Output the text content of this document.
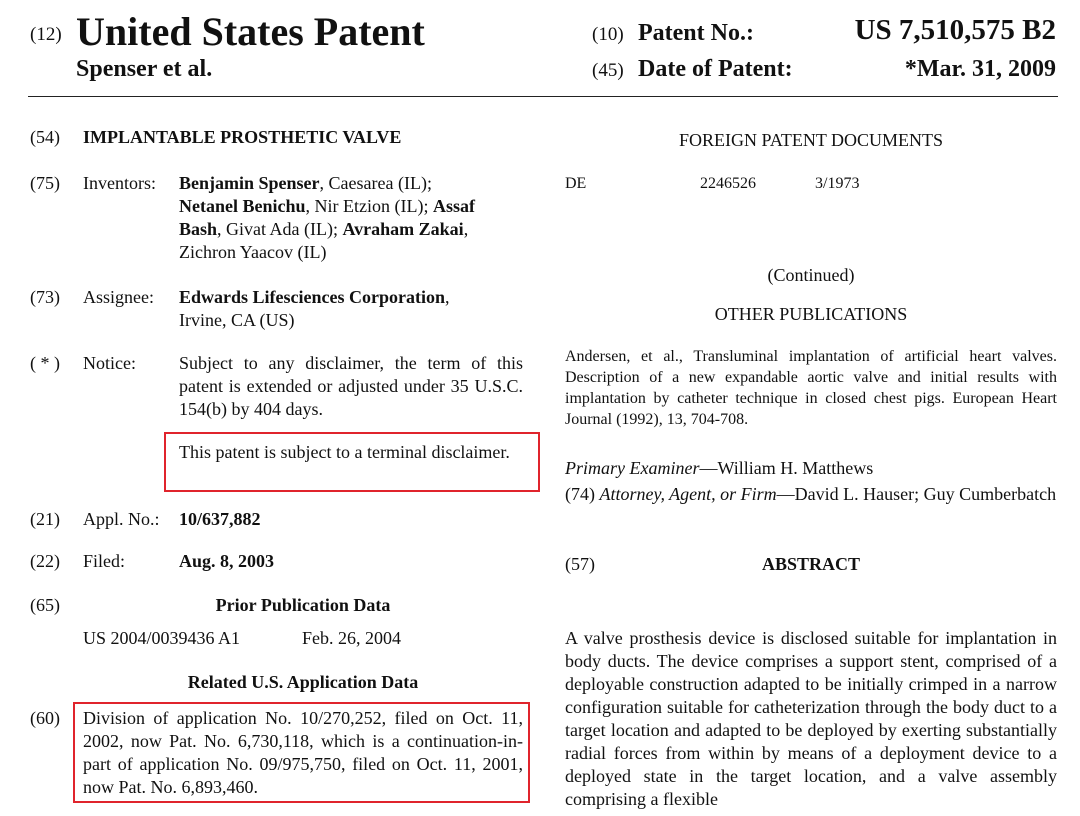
(12) United States Patent
Spenser et al.
(10) Patent No.:	US 7,510,575 B2
(45) Date of Patent:	*Mar. 31, 2009
(54) IMPLANTABLE PROSTHETIC VALVE
(75) Inventors: Benjamin Spenser, Caesarea (IL);
Netanel Benichu, Nir Etzion (IL); Assaf
Bash, Givat Ada (IL); Avraham Zakai,
Zichron Yaacov (IL)
(73) Assignee: Edwards Lifesciences Corporation,
Irvine, CA (US)
( * ) Notice: Subject to any disclaimer, the term of this patent is extended or adjusted under 35 U.S.C. 154(b) by 404 days.
This patent is subject to a terminal disclaimer.
(21) Appl. No.: 10/637,882
(22) Filed:	Aug. 8, 2003
(65)	Prior Publication Data
US 2004/0039436 A1	Feb. 26, 2004
Related U.S. Application Data
(60) Division of application No. 10/270,252, filed on Oct. 11, 2002, now Pat. No. 6,730,118, which is a continuation-in-part of application No. 09/975,750, filed on Oct. 11, 2001, now Pat. No. 6,893,460.
FOREIGN PATENT DOCUMENTS
DE	2246526	3/1973
(Continued)
OTHER PUBLICATIONS
Andersen, et al., Transluminal implantation of artificial heart valves. Description of a new expandable aortic valve and initial results with implantation by catheter technique in closed chest pigs. European Heart Journal (1992), 13, 704-708.
Primary Examiner—William H. Matthews
(74) Attorney, Agent, or Firm—David L. Hauser; Guy Cumberbatch
(57)	ABSTRACT
A valve prosthesis device is disclosed suitable for implantation in body ducts. The device comprises a support stent, comprised of a deployable construction adapted to be initially crimped in a narrow configuration suitable for catheterization through the body duct to a target location and adapted to be deployed by exerting substantially radial forces from within by means of a deployment device to a deployed state in the target location, and a valve assembly comprising a flexible
